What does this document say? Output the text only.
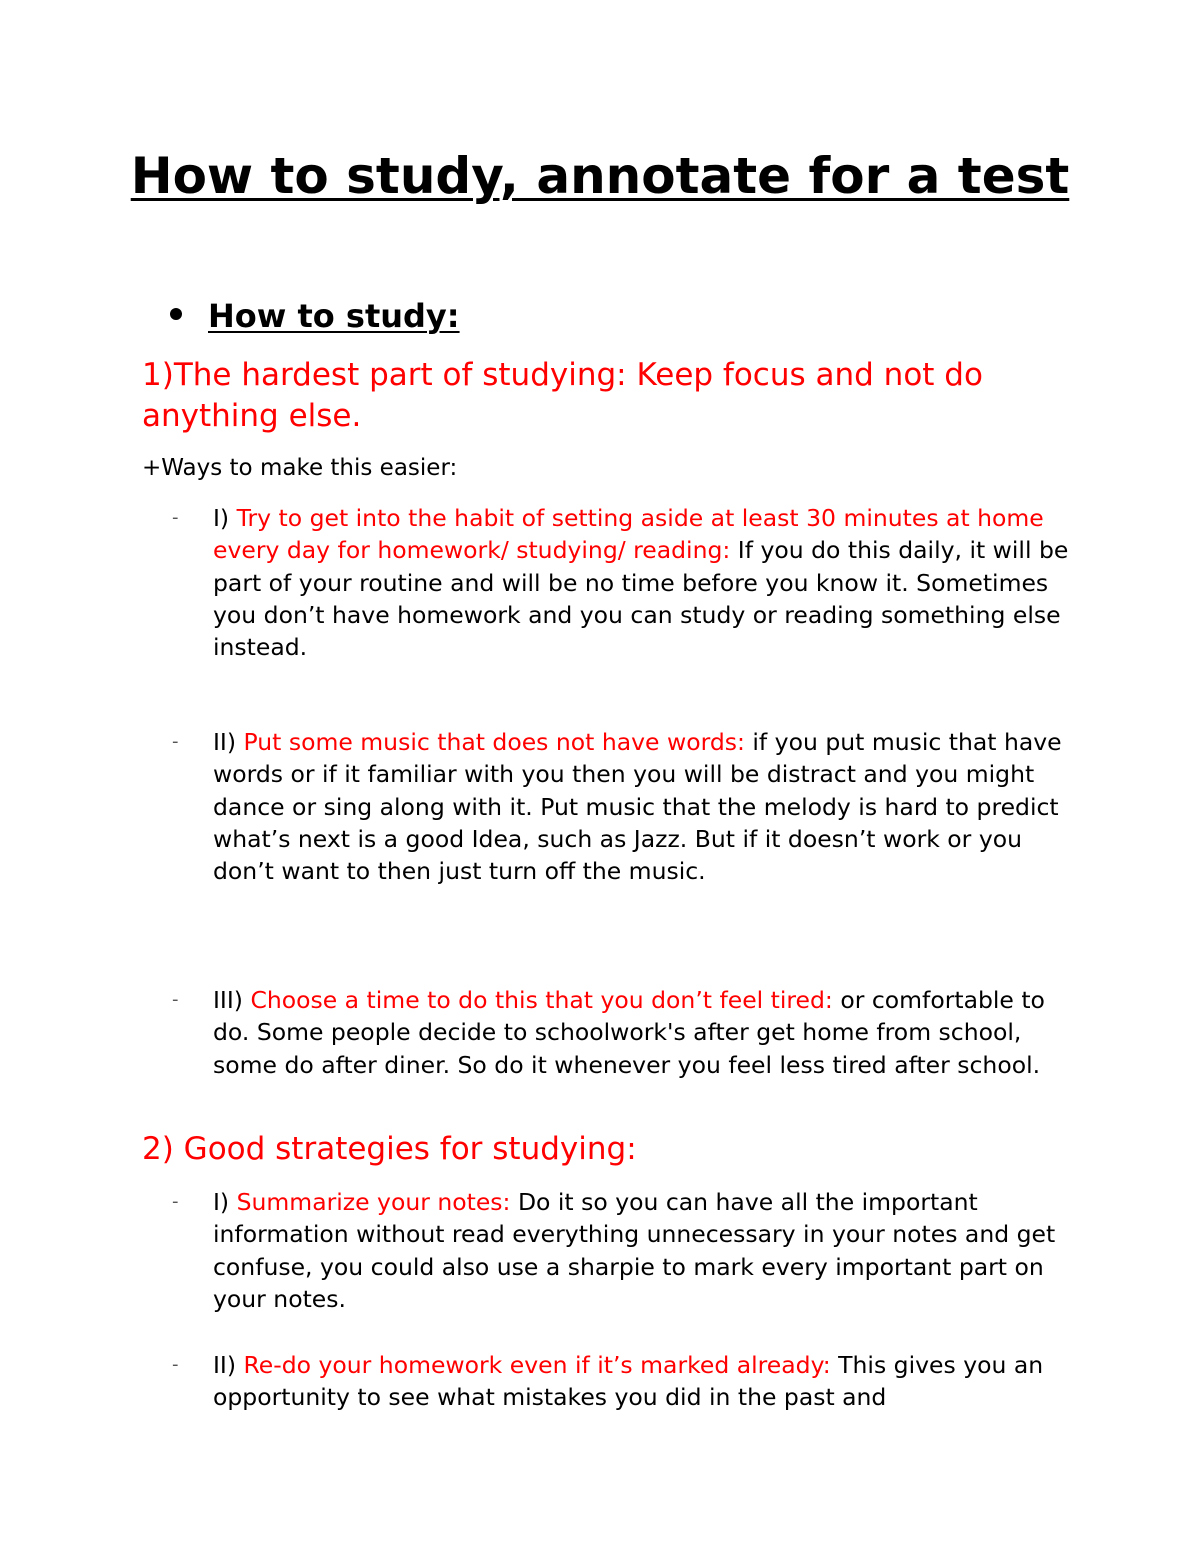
How to study, annotate for a test
How to study:
1)The hardest part of studying: Keep focus and not do anything else.
+Ways to make this easier:
-	I) Try to get into the habit of setting aside at least 30 minutes at home every day for homework/ studying/ reading: If you do this daily, it will be part of your routine and will be no time before you know it. Sometimes you don’t have homework and you can study or reading something else instead.
-	II) Put some music that does not have words: if you put music that have words or if it familiar with you then you will be distract and you might dance or sing along with it. Put music that the melody is hard to predict what’s next is a good Idea, such as Jazz. But if it doesn’t work or you don’t want to then just turn off the music.
-	III) Choose a time to do this that you don’t feel tired: or comfortable to do. Some people decide to schoolwork's after get home from school, some do after diner. So do it whenever you feel less tired after school.
2) Good strategies for studying:
-	I) Summarize your notes: Do it so you can have all the important information without read everything unnecessary in your notes and get confuse, you could also use a sharpie to mark every important part on your notes.
-	II) Re-do your homework even if it’s marked already: This gives you an opportunity to see what mistakes you did in the past and
